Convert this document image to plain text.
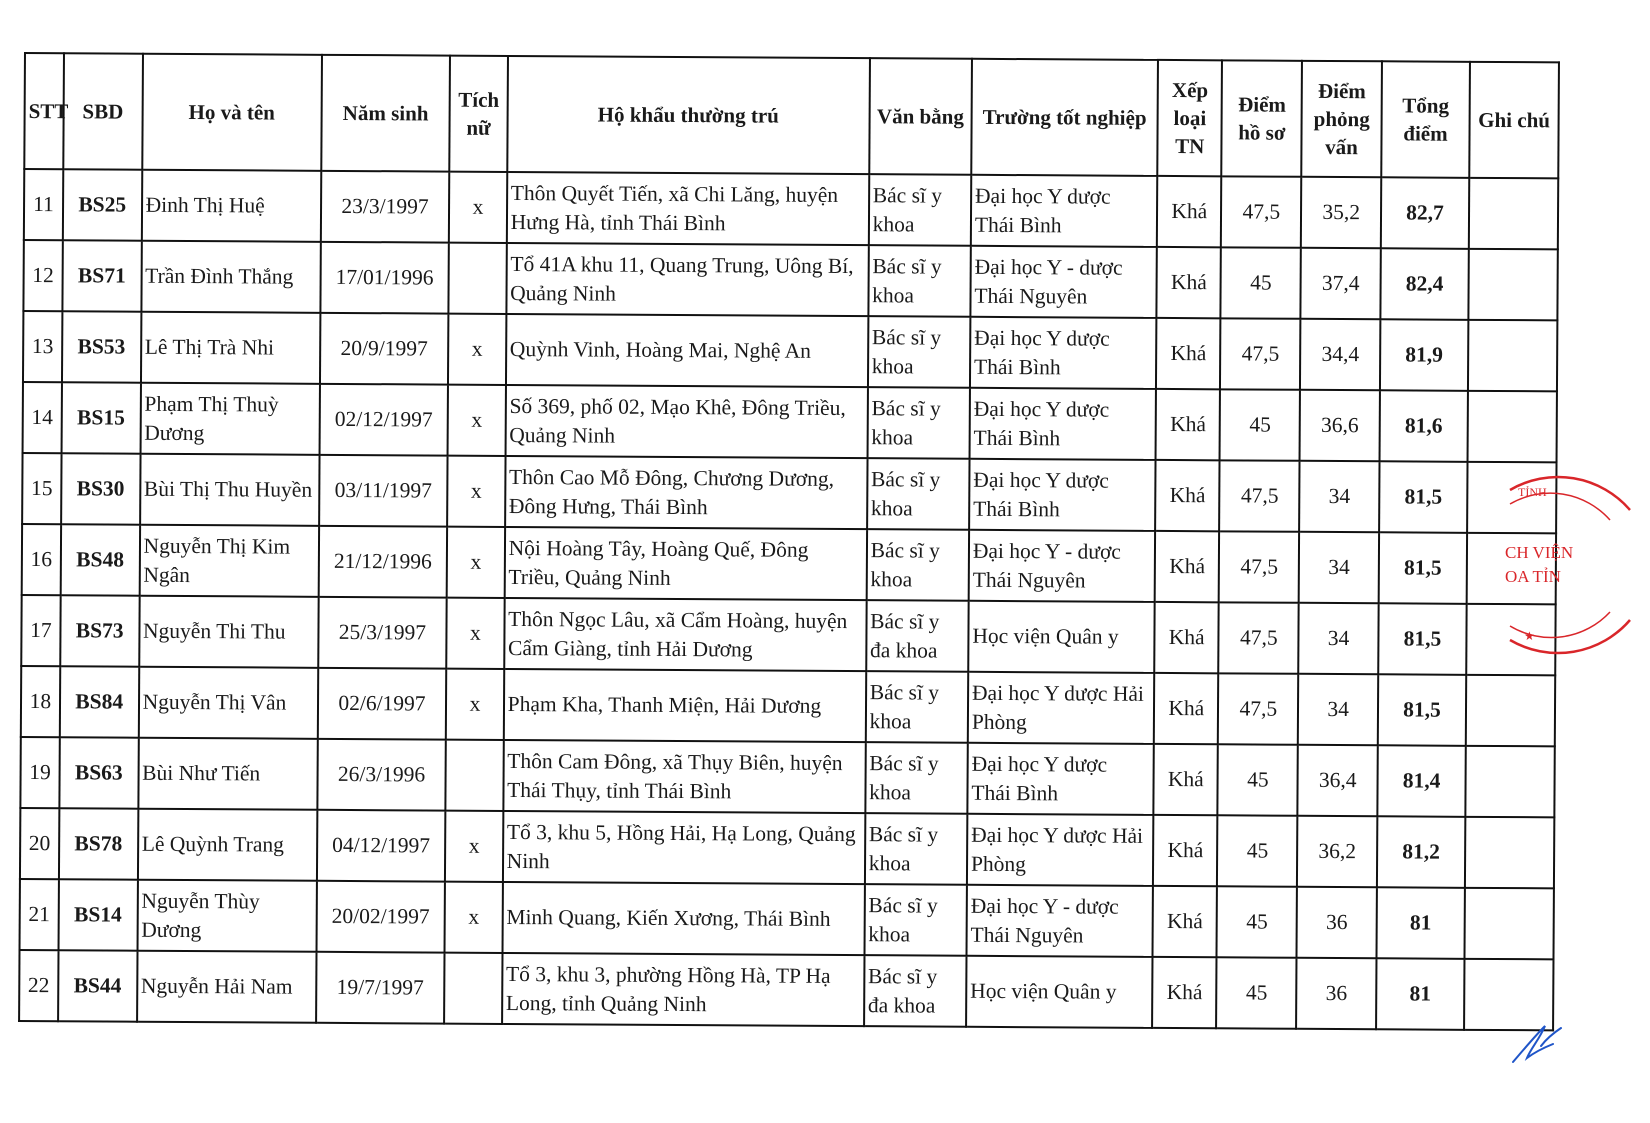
STT	SBD	Họ và tên	Năm sinh	Tích nữ	Hộ khẩu thường trú	Văn bằng	Trường tốt nghiệp	Xếp loại TN	Điểm hồ sơ	Điểm phỏng vấn	Tổng điểm	Ghi chú
11	BS25	Đinh Thị Huệ	23/3/1997	x	Thôn Quyết Tiến, xã Chi Lăng, huyện Hưng Hà, tỉnh Thái Bình	Bác sĩ y khoa	Đại học Y dược Thái Bình	Khá	47,5	35,2	82,7	
12	BS71	Trần Đình Thắng	17/01/1996		Tổ 41A khu 11, Quang Trung, Uông Bí, Quảng Ninh	Bác sĩ y khoa	Đại học Y - dược Thái Nguyên	Khá	45	37,4	82,4	
13	BS53	Lê Thị Trà Nhi	20/9/1997	x	Quỳnh Vinh, Hoàng Mai, Nghệ An	Bác sĩ y khoa	Đại học Y dược Thái Bình	Khá	47,5	34,4	81,9	
14	BS15	Phạm Thị Thuỳ Dương	02/12/1997	x	Số 369, phố 02, Mạo Khê, Đông Triều, Quảng Ninh	Bác sĩ y khoa	Đại học Y dược Thái Bình	Khá	45	36,6	81,6	
15	BS30	Bùi Thị Thu Huyền	03/11/1997	x	Thôn Cao Mỗ Đông, Chương Dương, Đông Hưng, Thái Bình	Bác sĩ y khoa	Đại học Y dược Thái Bình	Khá	47,5	34	81,5	
16	BS48	Nguyễn Thị Kim Ngân	21/12/1996	x	Nội Hoàng Tây, Hoàng Quế, Đông Triều, Quảng Ninh	Bác sĩ y khoa	Đại học Y - dược Thái Nguyên	Khá	47,5	34	81,5	
17	BS73	Nguyễn Thi Thu	25/3/1997	x	Thôn Ngọc Lâu, xã Cẩm Hoàng, huyện Cẩm Giàng, tỉnh Hải Dương	Bác sĩ y đa khoa	Học viện Quân y	Khá	47,5	34	81,5	
18	BS84	Nguyễn Thị Vân	02/6/1997	x	Phạm Kha, Thanh Miện, Hải Dương	Bác sĩ y khoa	Đại học Y dược Hải Phòng	Khá	47,5	34	81,5	
19	BS63	Bùi Như Tiến	26/3/1996		Thôn Cam Đông, xã Thụy Biên, huyện Thái Thụy, tỉnh Thái Bình	Bác sĩ y khoa	Đại học Y dược Thái Bình	Khá	45	36,4	81,4	
20	BS78	Lê Quỳnh Trang	04/12/1997	x	Tổ 3, khu 5, Hồng Hải, Hạ Long, Quảng Ninh	Bác sĩ y khoa	Đại học Y dược Hải Phòng	Khá	45	36,2	81,2	
21	BS14	Nguyễn Thùy Dương	20/02/1997	x	Minh Quang, Kiến Xương, Thái Bình	Bác sĩ y khoa	Đại học Y - dược Thái Nguyên	Khá	45	36	81	
22	BS44	Nguyễn Hải Nam	19/7/1997		Tổ 3, khu 3, phường Hồng Hà, TP Hạ Long, tỉnh Quảng Ninh	Bác sĩ y đa khoa	Học viện Quân y	Khá	45	36	81	
TỈNH
CH VIỆN
OA TỈN
★
